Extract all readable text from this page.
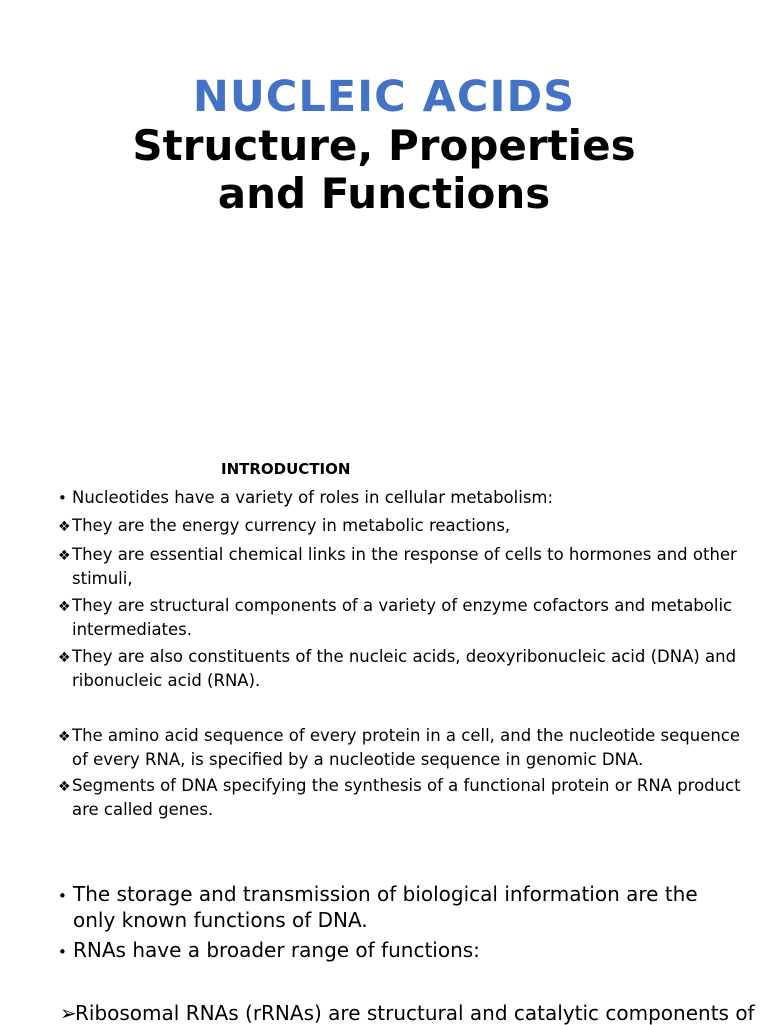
NUCLEIC ACIDS
Structure, Properties
and Functions
INTRODUCTION
• Nucleotides have a variety of roles in cellular metabolism:
❖ They are the energy currency in metabolic reactions,
❖ They are essential chemical links in the response of cells to hormones and other stimuli,
❖ They are structural components of a variety of enzyme cofactors and metabolic intermediates.
❖ They are also constituents of the nucleic acids, deoxyribonucleic acid (DNA) and ribonucleic acid (RNA).
❖ The amino acid sequence of every protein in a cell, and the nucleotide sequence of every RNA, is specified by a nucleotide sequence in genomic DNA.
❖ Segments of DNA specifying the synthesis of a functional protein or RNA product are called genes.
• The storage and transmission of biological information are the only known functions of DNA.
• RNAs have a broader range of functions:
➢Ribosomal RNAs (rRNAs) are structural and catalytic components of
